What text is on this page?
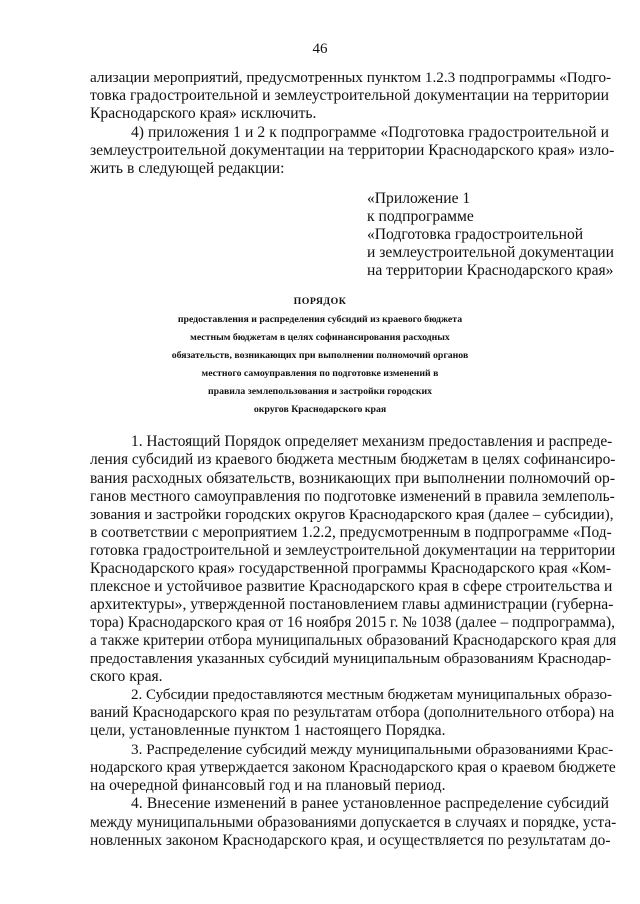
46
ализации мероприятий, предусмотренных пунктом 1.2.3 подпрограммы «Подго-
товка градостроительной и землеустроительной документации на территории
Краснодарского края» исключить.
4) приложения 1 и 2 к подпрограмме «Подготовка градостроительной и
землеустроительной документации на территории Краснодарского края» изло-
жить в следующей редакции:
«Приложение 1
к подпрограмме
«Подготовка градостроительной
и землеустроительной документации
на территории Краснодарского края»
ПОРЯДОК
предоставления и распределения субсидий из краевого бюджета
местным бюджетам в целях софинансирования расходных
обязательств, возникающих при выполнении полномочий органов
местного самоуправления по подготовке изменений в
правила землепользования и застройки городских
округов Краснодарского края
1. Настоящий Порядок определяет механизм предоставления и распреде-
ления субсидий из краевого бюджета местным бюджетам в целях софинансиро-
вания расходных обязательств, возникающих при выполнении полномочий ор-
ганов местного самоуправления по подготовке изменений в правила землеполь-
зования и застройки городских округов Краснодарского края (далее – субсидии),
в соответствии с мероприятием 1.2.2, предусмотренным в подпрограмме «Под-
готовка градостроительной и землеустроительной документации на территории
Краснодарского края» государственной программы Краснодарского края «Ком-
плексное и устойчивое развитие Краснодарского края в сфере строительства и
архитектуры», утвержденной постановлением главы администрации (губерна-
тора) Краснодарского края от 16 ноября 2015 г. № 1038 (далее – подпрограмма),
а также критерии отбора муниципальных образований Краснодарского края для
предоставления указанных субсидий муниципальным образованиям Краснодар-
ского края.
2. Субсидии предоставляются местным бюджетам муниципальных образо-
ваний Краснодарского края по результатам отбора (дополнительного отбора) на
цели, установленные пунктом 1 настоящего Порядка.
3. Распределение субсидий между муниципальными образованиями Крас-
нодарского края утверждается законом Краснодарского края о краевом бюджете
на очередной финансовый год и на плановый период.
4. Внесение изменений в ранее установленное распределение субсидий
между муниципальными образованиями допускается в случаях и порядке, уста-
новленных законом Краснодарского края, и осуществляется по результатам до-
